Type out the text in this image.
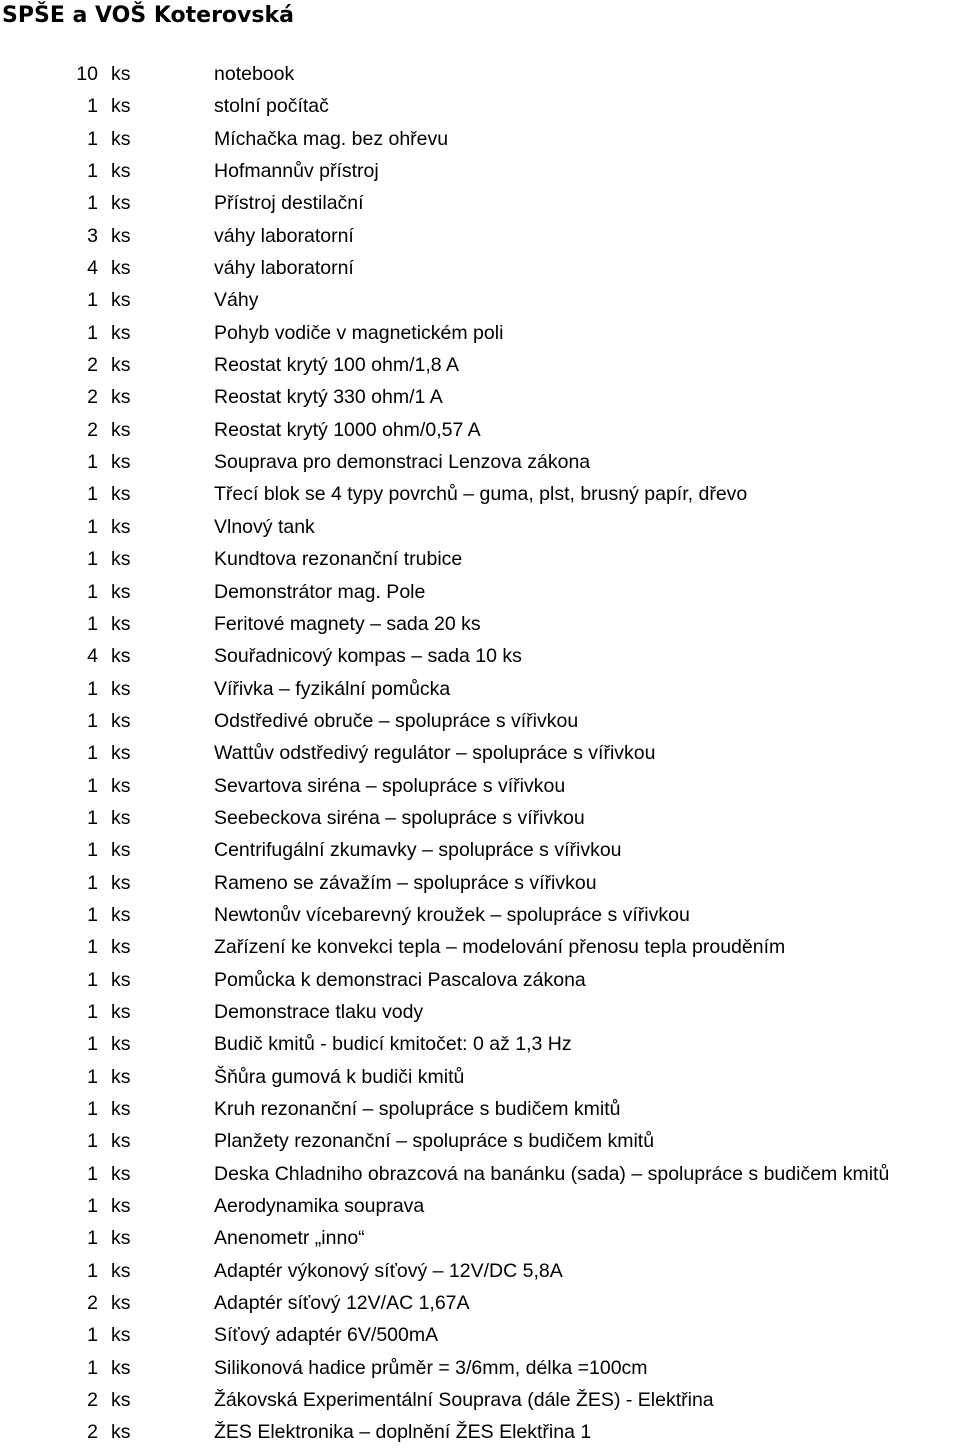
SPŠE a VOŠ Koterovská
10 ks	notebook
1 ks	stolní počítač
1 ks	Míchačka mag. bez ohřevu
1 ks	Hofmannův přístroj
1 ks	Přístroj destilační
3 ks	váhy laboratorní
4 ks	váhy laboratorní
1 ks	Váhy
1 ks	Pohyb vodiče v magnetickém poli
2 ks	Reostat krytý 100 ohm/1,8 A
2 ks	Reostat krytý 330 ohm/1 A
2 ks	Reostat krytý 1000 ohm/0,57 A
1 ks	Souprava pro demonstraci Lenzova zákona
1 ks	Třecí blok se 4 typy povrchů – guma, plst, brusný papír, dřevo
1 ks	Vlnový tank
1 ks	Kundtova rezonanční trubice
1 ks	Demonstrátor mag. Pole
1 ks	Feritové magnety – sada 20 ks
4 ks	Souřadnicový kompas – sada 10 ks
1 ks	Vířivka – fyzikální pomůcka
1 ks	Odstředivé obruče – spolupráce s vířivkou
1 ks	Wattův odstředivý regulátor – spolupráce s vířivkou
1 ks	Sevartova siréna – spolupráce s vířivkou
1 ks	Seebeckova siréna – spolupráce s vířivkou
1 ks	Centrifugální zkumavky – spolupráce s vířivkou
1 ks	Rameno se závažím – spolupráce s vířivkou
1 ks	Newtonův vícebarevný kroužek – spolupráce s vířivkou
1 ks	Zařízení ke konvekci tepla – modelování přenosu tepla prouděním
1 ks	Pomůcka k demonstraci Pascalova zákona
1 ks	Demonstrace tlaku vody
1 ks	Budič kmitů - budicí kmitočet: 0 až 1,3 Hz
1 ks	Šňůra gumová k budiči kmitů
1 ks	Kruh rezonanční – spolupráce s budičem kmitů
1 ks	Planžety rezonanční – spolupráce s budičem kmitů
1 ks	Deska Chladniho obrazcová na banánku (sada) – spolupráce s budičem kmitů
1 ks	Aerodynamika souprava
1 ks	Anenometr „inno“
1 ks	Adaptér výkonový síťový – 12V/DC 5,8A
2 ks	Adaptér síťový 12V/AC 1,67A
1 ks	Síťový adaptér 6V/500mA
1 ks	Silikonová hadice průměr = 3/6mm, délka =100cm
2 ks	Žákovská Experimentální Souprava (dále ŽES) - Elektřina
2 ks	ŽES Elektronika – doplnění ŽES Elektřina 1
